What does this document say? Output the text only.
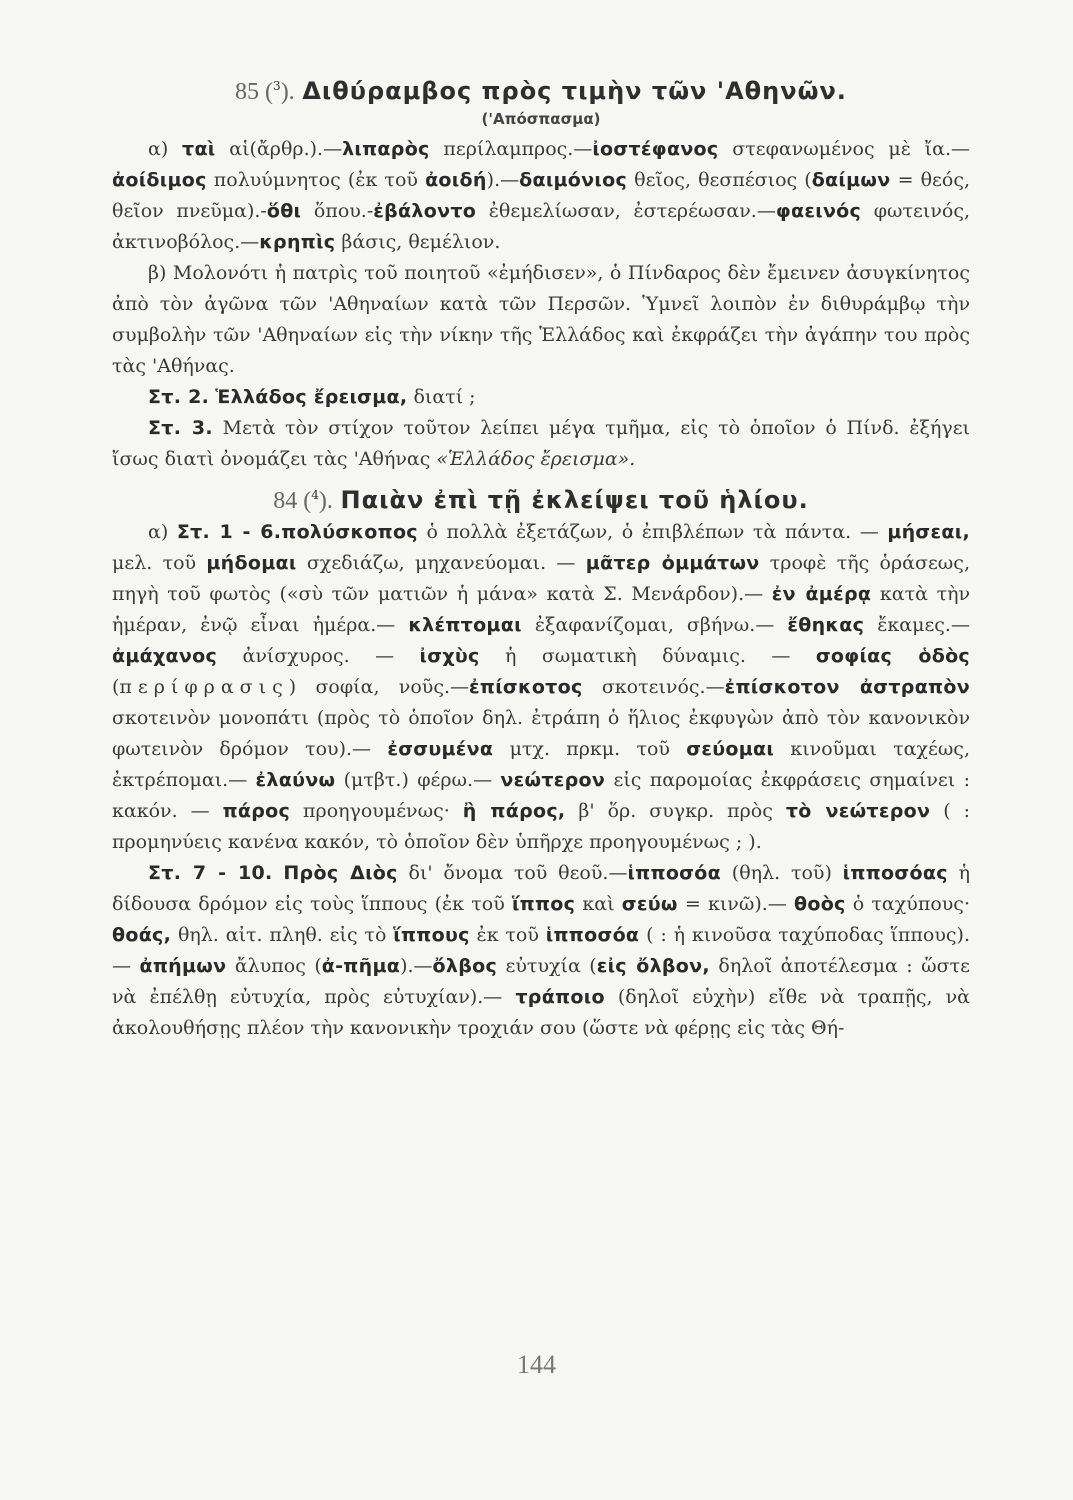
85 ($^3$). Διθύραμβος πρὸς τιμὴν τῶν 'Αθηνῶν.
('Απόσπασμα)

α) ταὶ αἱ(ἄρθρ.).—λιπαρὸς περίλαμπρος.—ἰοστέφανος στεφανωμένος μὲ ἴα.—ἀοίδιμος πολυύμνητος (ἐκ τοῦ ἀοιδή).—δαιμόνιος θεῖος, θεσπέσιος (δαίμων = θεός, θεῖον πνεῦμα).-ὅθι ὅπου.-ἐβάλοντο ἐθεμελίωσαν, ἐστερέωσαν.—φαεινός φωτεινός, ἀκτινοβόλος.—κρηπὶς βάσις, θεμέλιον.

β) Μολονότι ἡ πατρὶς τοῦ ποιητοῦ «ἐμήδισεν», ὁ Πίνδαρος δὲν ἔμεινεν ἀσυγκίνητος ἀπὸ τὸν ἀγῶνα τῶν 'Αθηναίων κατὰ τῶν Περσῶν. Ὑμνεῖ λοιπὸν ἐν διθυράμβῳ τὴν συμβολὴν τῶν 'Αθηναίων εἰς τὴν νίκην τῆς Ἑλλάδος καὶ ἐκφράζει τὴν ἀγάπην του πρὸς τὰς 'Αθήνας.

Στ. 2. Ἑλλάδος ἔρεισμα, διατί ;

Στ. 3. Μετὰ τὸν στίχον τοῦτον λείπει μέγα τμῆμα, εἰς τὸ ὁποῖον ὁ Πίνδ. ἐξήγει ἴσως διατὶ ὀνομάζει τὰς 'Αθήνας «Ἑλλάδος ἔρεισμα».

84 ($^4$). Παιὰν ἐπὶ τῇ ἐκλείψει τοῦ ἡλίου.

α) Στ. 1 - 6.πολύσκοπος ὁ πολλὰ ἐξετάζων, ὁ ἐπιβλέπων τὰ πάντα. — μήσεαι, μελ. τοῦ μήδομαι σχεδιάζω, μηχανεύομαι. — μᾶτερ ὀμμάτων τροφὲ τῆς ὁράσεως, πηγὴ τοῦ φωτὸς («σὺ τῶν ματιῶν ἡ μάνα» κατὰ Σ. Μενάρδον).— ἐν ἀμέρᾳ κατὰ τὴν ἡμέραν, ἐνῷ εἶναι ἡμέρα.— κλέπτομαι ἐξαφανίζομαι, σβήνω.— ἔθηκας ἔκαμες.— ἀμάχανος ἀνίσχυρος. — ἰσχὺς ἡ σωματικὴ δύναμις. — σοφίας ὁδὸς (περίφρασις) σοφία, νοῦς.—ἐπίσκοτος σκοτεινός.—ἐπίσκοτον ἀστραπὸν σκοτεινὸν μονοπάτι (πρὸς τὸ ὁποῖον δηλ. ἐτράπη ὁ ἥλιος ἐκφυγὼν ἀπὸ τὸν κανονικὸν φωτεινὸν δρόμον του).— ἐσσυμένα μτχ. πρκμ. τοῦ σεύομαι κινοῦμαι ταχέως, ἐκτρέπομαι.— ἐλαύνω (μτβτ.) φέρω.— νεώτερον εἰς παρομοίας ἐκφράσεις σημαίνει : κακόν. — πάρος προηγουμένως· ἢ πάρος, β' ὅρ. συγκρ. πρὸς τὸ νεώτερον ( : προμηνύεις κανένα κακόν, τὸ ὁποῖον δὲν ὑπῆρχε προηγουμένως ; ).

Στ. 7 - 10. Πρὸς Διὸς δι' ὄνομα τοῦ θεοῦ.—ἱπποσόα (θηλ. τοῦ) ἱπποσόας ἡ δίδουσα δρόμον εἰς τοὺς ἵππους (ἐκ τοῦ ἵππος καὶ σεύω = κινῶ).— θοὸς ὁ ταχύπους· θοάς, θηλ. αἰτ. πληθ. εἰς τὸ ἵππους ἐκ τοῦ ἱπποσόα ( : ἡ κινοῦσα ταχύποδας ἵππους).— ἀπήμων ἄλυπος (ἀ-πῆμα).—ὄλβος εὐτυχία (εἰς ὄλβον, δηλοῖ ἀποτέλεσμα : ὥστε νὰ ἐπέλθῃ εὐτυχία, πρὸς εὐτυχίαν).— τράποιο (δηλοῖ εὐχὴν) εἴθε νὰ τραπῇς, νὰ ἀκολουθήσῃς πλέον τὴν κανονικὴν τροχιάν σου (ὥστε νὰ φέρῃς εἰς τὰς Θή-

144
